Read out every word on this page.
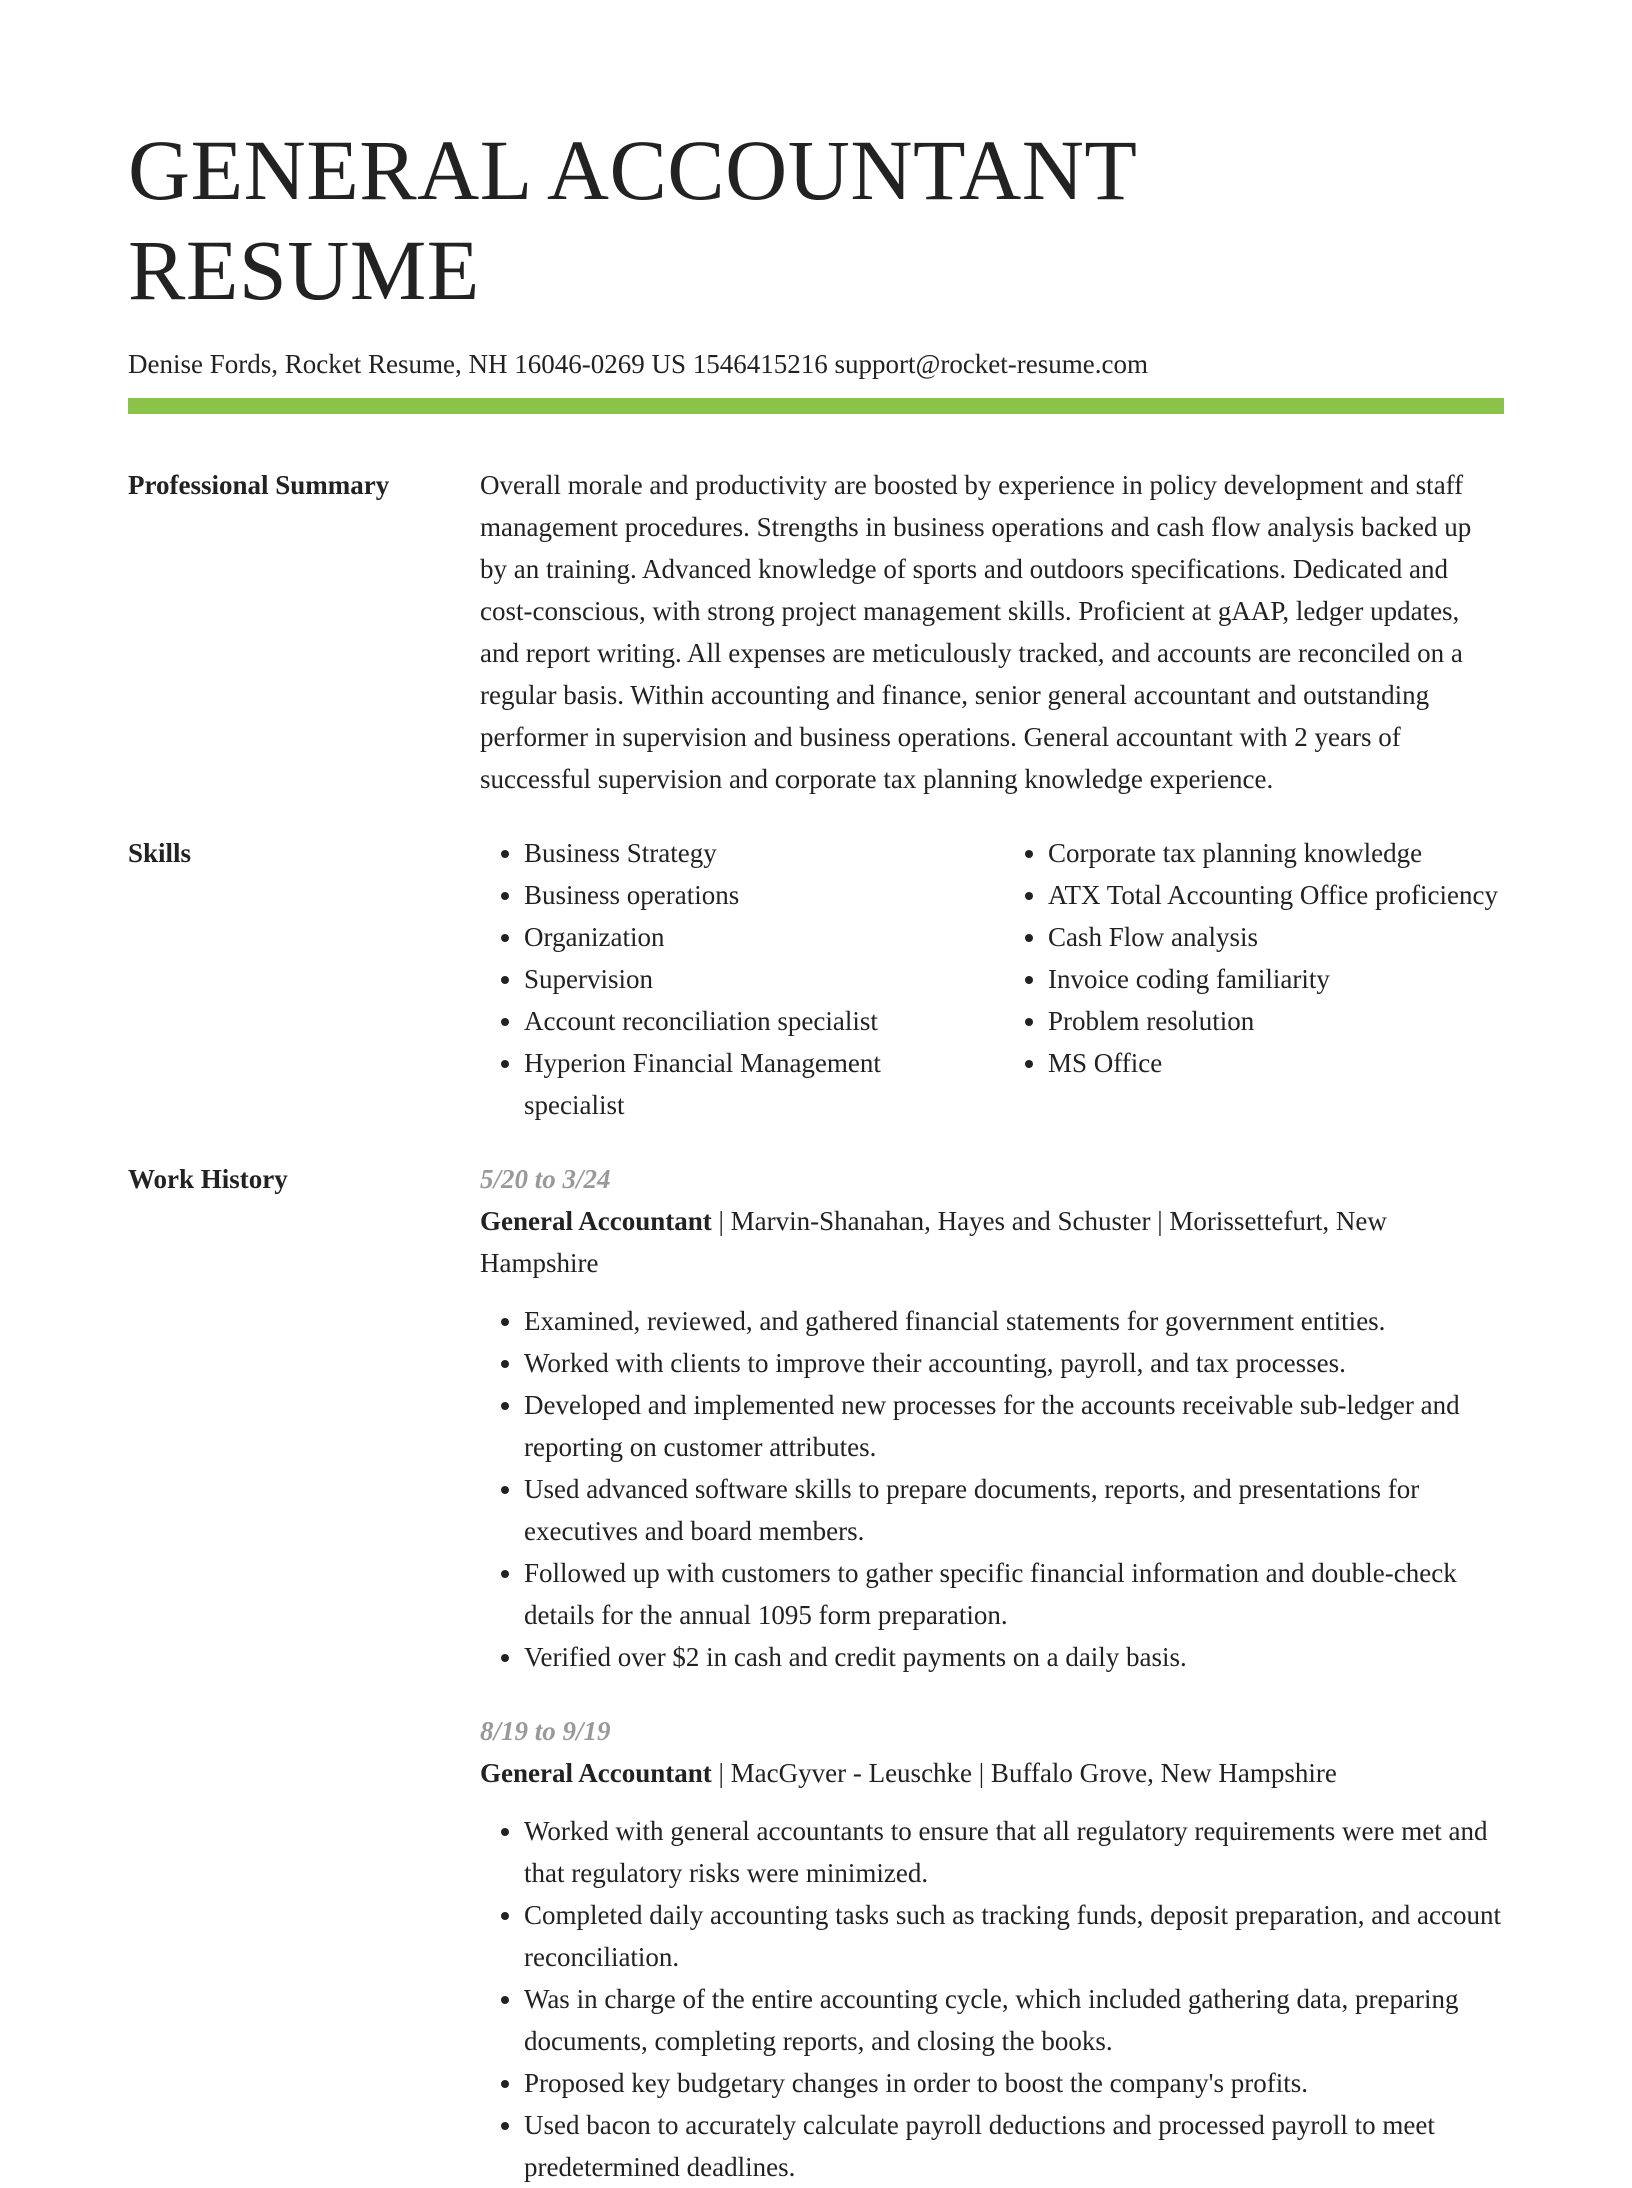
GENERAL ACCOUNTANT RESUME
Denise Fords, Rocket Resume, NH 16046-0269 US 1546415216 support@rocket-resume.com
Professional Summary	Overall morale and productivity are boosted by experience in policy development and staff management procedures. Strengths in business operations and cash flow analysis backed up by an training. Advanced knowledge of sports and outdoors specifications. Dedicated and cost-conscious, with strong project management skills. Proficient at gAAP, ledger updates, and report writing. All expenses are meticulously tracked, and accounts are reconciled on a regular basis. Within accounting and finance, senior general accountant and outstanding performer in supervision and business operations. General accountant with 2 years of successful supervision and corporate tax planning knowledge experience.

Skills
•	Business Strategy
• Business operations
• Organization
• Supervision
• Account reconciliation specialist
• Hyperion Financial Management specialist
• Corporate tax planning knowledge
• ATX Total Accounting Office proficiency
• Cash Flow analysis
• Invoice coding familiarity
• Problem resolution
• MS Office
Work History	5/20 to 3/24
General Accountant | Marvin-Shanahan, Hayes and Schuster | Morissettefurt, New Hampshire
• Examined, reviewed, and gathered financial statements for government entities.
• Worked with clients to improve their accounting, payroll, and tax processes.
• Developed and implemented new processes for the accounts receivable sub-ledger and reporting on customer attributes.
• Used advanced software skills to prepare documents, reports, and presentations for executives and board members.
• Followed up with customers to gather specific financial information and double-check details for the annual 1095 form preparation.
• Verified over $2 in cash and credit payments on a daily basis.
8/19 to 9/19
General Accountant | MacGyver - Leuschke | Buffalo Grove, New Hampshire
• Worked with general accountants to ensure that all regulatory requirements were met and that regulatory risks were minimized.
• Completed daily accounting tasks such as tracking funds, deposit preparation, and account reconciliation.
• Was in charge of the entire accounting cycle, which included gathering data, preparing documents, completing reports, and closing the books.
• Proposed key budgetary changes in order to boost the company's profits.
• Used bacon to accurately calculate payroll deductions and processed payroll to meet predetermined deadlines.
